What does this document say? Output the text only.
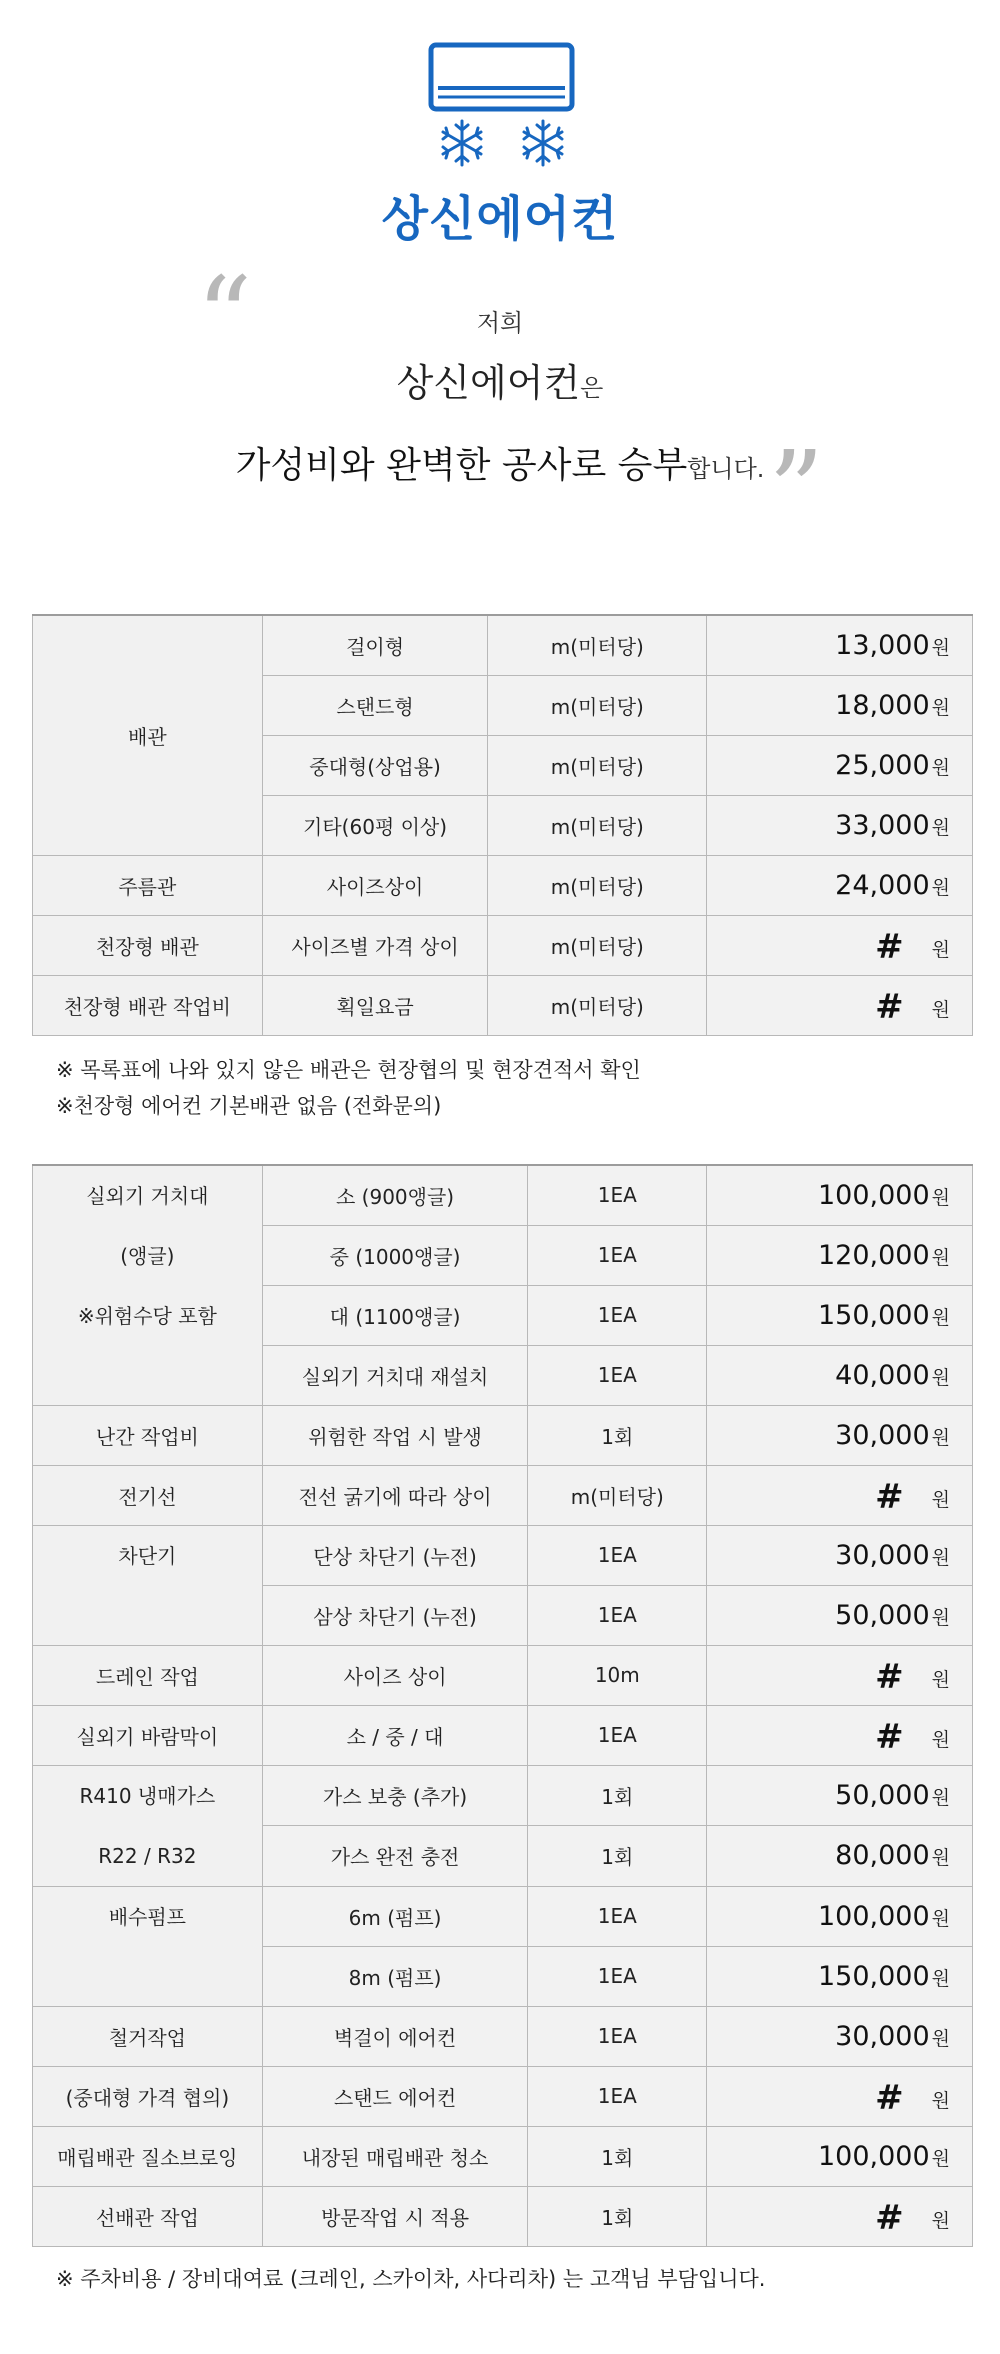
상신에어컨
“	저희
상신에어컨은
가성비와 완벽한 공사로 승부합니다. ”
배관	걸이형	m(미터당)	13,000 원
	스탠드형	m(미터당)	18,000 원
	중대형(상업용)	m(미터당)	25,000 원
	기타(60평 이상)	m(미터당)	33,000 원
주름관	사이즈상이	m(미터당)	24,000 원
천장형 배관	사이즈별 가격 상이	m(미터당)	# 원
천장형 배관 작업비	획일요금	m(미터당)	# 원
※ 목록표에 나와 있지 않은 배관은 현장협의 및 현장견적서 확인
※천장형 에어컨 기본배관 없음 (전화문의)
실외기 거치대
(앵글)
※위험수당 포함	소 (900앵글)	1EA	100,000 원
	중 (1000앵글)	1EA	120,000 원
	대 (1100앵글)	1EA	150,000 원
	실외기 거치대 재설치	1EA	40,000 원

난간 작업비	위험한 작업 시 발생	1회	30,000 원

전기선	전선 굵기에 따라 상이	m(미터당)	# 원

차단기	단상 차단기 (누전)	1EA	30,000 원
	삼상 차단기 (누전)	1EA	50,000 원

드레인 작업	사이즈 상이	10m	# 원

실외기 바람막이	소 / 중 / 대	1EA	# 원

R410 냉매가스
R22 / R32	가스 보충 (추가)	1회	50,000 원
	가스 완전 충전	1회	80,000 원

배수펌프	6m (펌프)	1EA	100,000 원
	8m (펌프)	1EA	150,000 원

철거작업	벽걸이 에어컨	1EA	30,000 원

(중대형 가격 협의)	스탠드 에어컨	1EA	# 원

매립배관 질소브로잉	내장된 매립배관 청소	1회	100,000 원

선배관 작업	방문작업 시 적용	1회	# 원
※ 주차비용 / 장비대여료 (크레인, 스카이차, 사다리차) 는 고객님 부담입니다.
